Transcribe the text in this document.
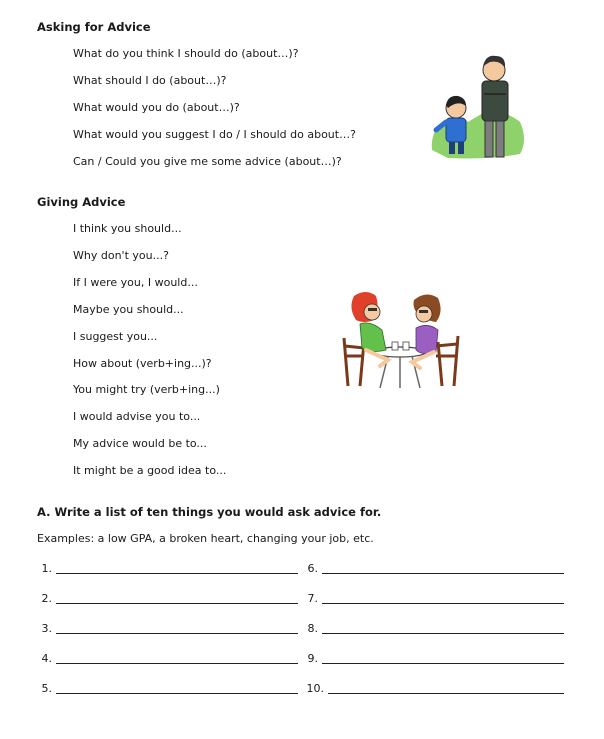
Asking for Advice
What do you think I should do (about…)?
What should I do (about…)?
What would you do (about…)?
What would you suggest I do / I should do about…?
Can / Could you give me some advice (about…)?
Giving Advice
I think you should...
Why don't you...?
If I were you, I would...
Maybe you should...
I suggest you...
How about (verb+ing...)?
You might try (verb+ing...)
I would advise you to...
My advice would be to...
It might be a good idea to...
A. Write a list of ten things you would ask advice for.
Examples: a low GPA, a broken heart, changing your job, etc.
1.
2.
3.
4.
5.
6.
7.
8.
9.
10.
